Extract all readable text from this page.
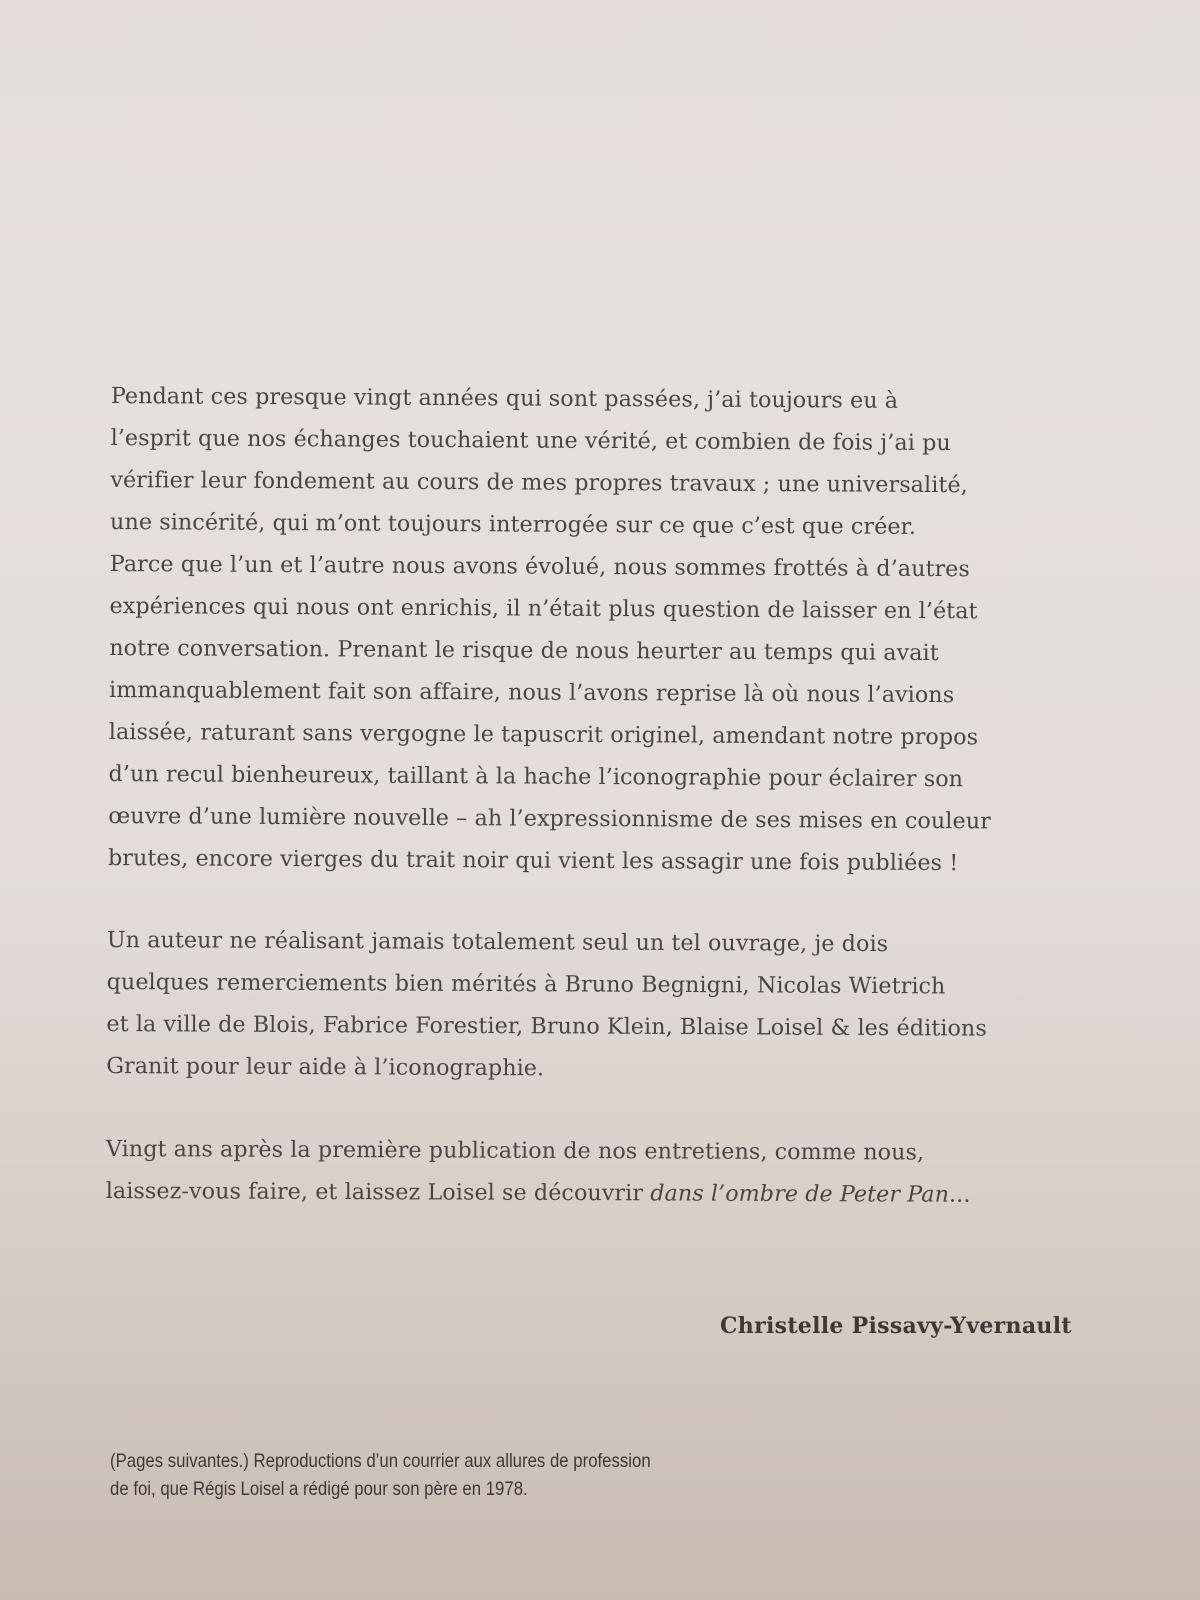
Pendant ces presque vingt années qui sont passées, j’ai toujours eu à
l’esprit que nos échanges touchaient une vérité, et combien de fois j’ai pu
vérifier leur fondement au cours de mes propres travaux ; une universalité,
une sincérité, qui m’ont toujours interrogée sur ce que c’est que créer.
Parce que l’un et l’autre nous avons évolué, nous sommes frottés à d’autres
expériences qui nous ont enrichis, il n’était plus question de laisser en l’état
notre conversation. Prenant le risque de nous heurter au temps qui avait
immanquablement fait son affaire, nous l’avons reprise là où nous l’avions
laissée, raturant sans vergogne le tapuscrit originel, amendant notre propos
d’un recul bienheureux, taillant à la hache l’iconographie pour éclairer son
œuvre d’une lumière nouvelle – ah l’expressionnisme de ses mises en couleur
brutes, encore vierges du trait noir qui vient les assagir une fois publiées !

Un auteur ne réalisant jamais totalement seul un tel ouvrage, je dois
quelques remerciements bien mérités à Bruno Begnigni, Nicolas Wietrich
et la ville de Blois, Fabrice Forestier, Bruno Klein, Blaise Loisel & les éditions
Granit pour leur aide à l’iconographie.

Vingt ans après la première publication de nos entretiens, comme nous,
laissez-vous faire, et laissez Loisel se découvrir dans l’ombre de Peter Pan...

Christelle Pissavy-Yvernault
(Pages suivantes.) Reproductions d’un courrier aux allures de profession
de foi, que Régis Loisel a rédigé pour son père en 1978.
